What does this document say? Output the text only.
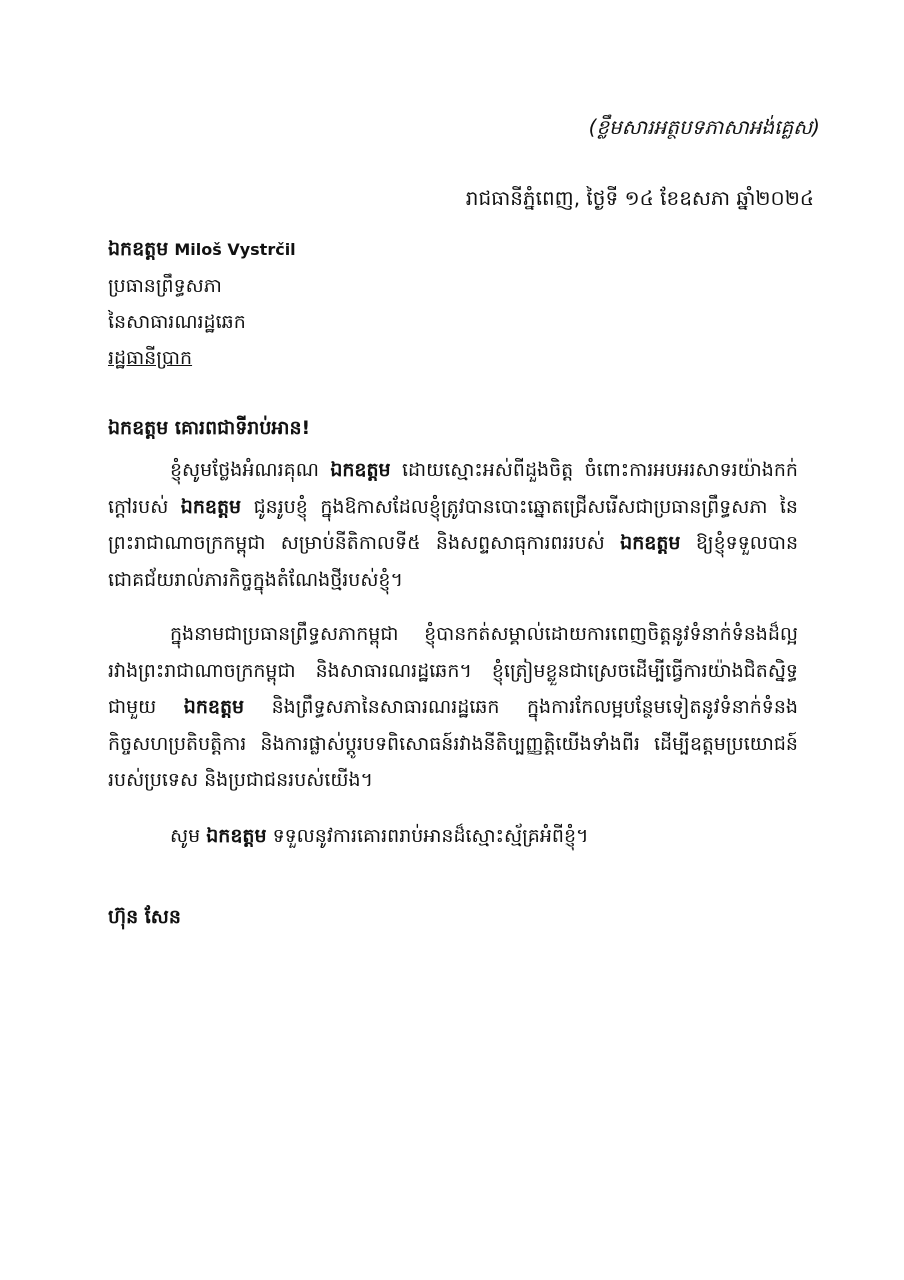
(ខ្លឹមសារអត្ថបទភាសាអង់គ្លេស)
រាជធានីភ្នំពេញ, ថ្ងៃទី ១៤ ខែឧសភា ឆ្នាំ២០២៤
ឯកឧត្តម Miloš Vystrčil
ប្រធានព្រឹទ្ធសភា
នៃសាធារណរដ្ឋឆេក
រដ្ឋធានីប្រាក
ឯកឧត្តម គោរពជាទីរាប់អាន!
ខ្ញុំសូមថ្លែងអំណរគុណ ឯកឧត្តម ដោយស្មោះអស់ពីដួងចិត្ត ចំពោះការអបអរសាទរយ៉ាងកក់ក្ដៅរបស់ ឯកឧត្តម ជូនរូបខ្ញុំ ក្នុងឱកាសដែលខ្ញុំត្រូវបានបោះឆ្នោតជ្រើសរើសជាប្រធានព្រឹទ្ធសភា នៃព្រះរាជាណាចក្រកម្ពុជា សម្រាប់នីតិកាលទី៥ និងសព្ទសាធុការពររបស់ ឯកឧត្តម ឱ្យខ្ញុំទទួលបានជោគជ័យរាល់ភារកិច្ចក្នុងតំណែងថ្មីរបស់ខ្ញុំ។
ក្នុងនាមជាប្រធានព្រឹទ្ធសភាកម្ពុជា ខ្ញុំបានកត់សម្គាល់ដោយការពេញចិត្តនូវទំនាក់ទំនងដ៏ល្អរវាងព្រះរាជាណាចក្រកម្ពុជា និងសាធារណរដ្ឋឆេក។ ខ្ញុំត្រៀមខ្លួនជាស្រេចដើម្បីធ្វើការយ៉ាងជិតស្និទ្ធជាមួយ ឯកឧត្តម និងព្រឹទ្ធសភានៃសាធារណរដ្ឋឆេក ក្នុងការកែលម្អបន្ថែមទៀតនូវទំនាក់ទំនង កិច្ចសហប្រតិបត្តិការ និងការផ្លាស់ប្ដូរបទពិសោធន៍រវាងនីតិប្បញ្ញត្តិយើងទាំងពីរ ដើម្បីឧត្តមប្រយោជន៍របស់ប្រទេស និងប្រជាជនរបស់យើង។
សូម ឯកឧត្តម ទទួលនូវការគោរពរាប់អានដ៏ស្មោះស្ម័គ្រអំពីខ្ញុំ។
ហ៊ុន សែន
